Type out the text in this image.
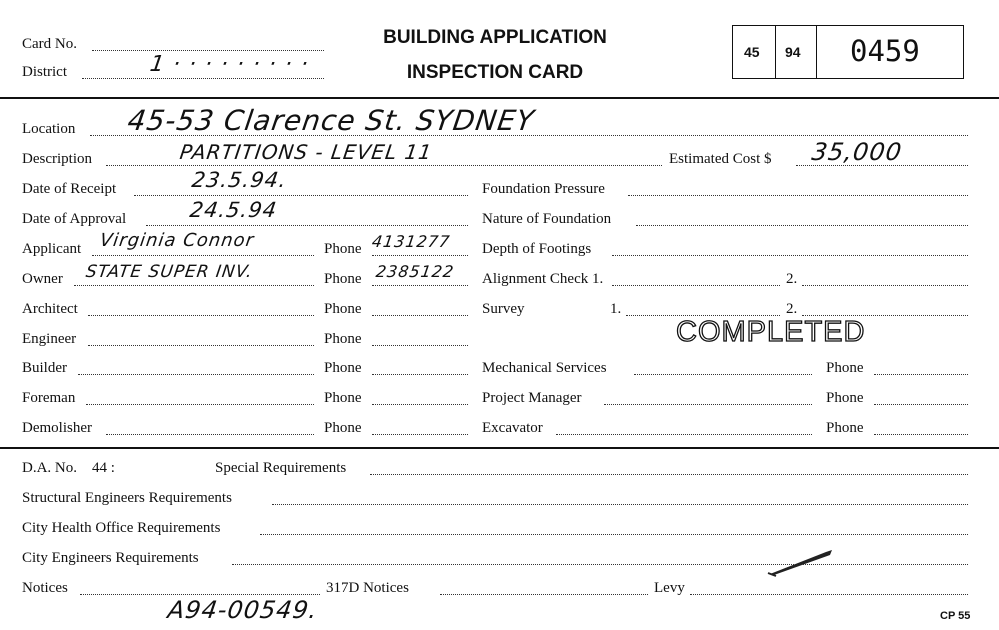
Card No.
District	1 · · · · · · · · ·
BUILDING APPLICATION
INSPECTION CARD
45 94 0459
Location 45-53 Clarence St. SYDNEY
Description	PARTITIONS - LEVEL 11	Estimated Cost $ 35,000
Date of Receipt	23.5.94.
Date of Approval	24.5.94
Applicant Virginia Connor	Phone 4131277
Owner STATE SUPER INV.	Phone 2385122
Architect	Phone
Engineer	Phone
Builder	Phone
Foreman	Phone
Demolisher	Phone
Foundation Pressure
Nature of Foundation
Depth of Footings
Alignment Check 1.	2.
Survey	1.	2.
COMPLETED
Mechanical Services	Phone
Project Manager	Phone
Excavator	Phone
D.A. No. 44 :	Special Requirements
Structural Engineers Requirements
City Health Office Requirements
City Engineers Requirements
Notices	317D Notices	Levy
A94-00549.	CP 55
